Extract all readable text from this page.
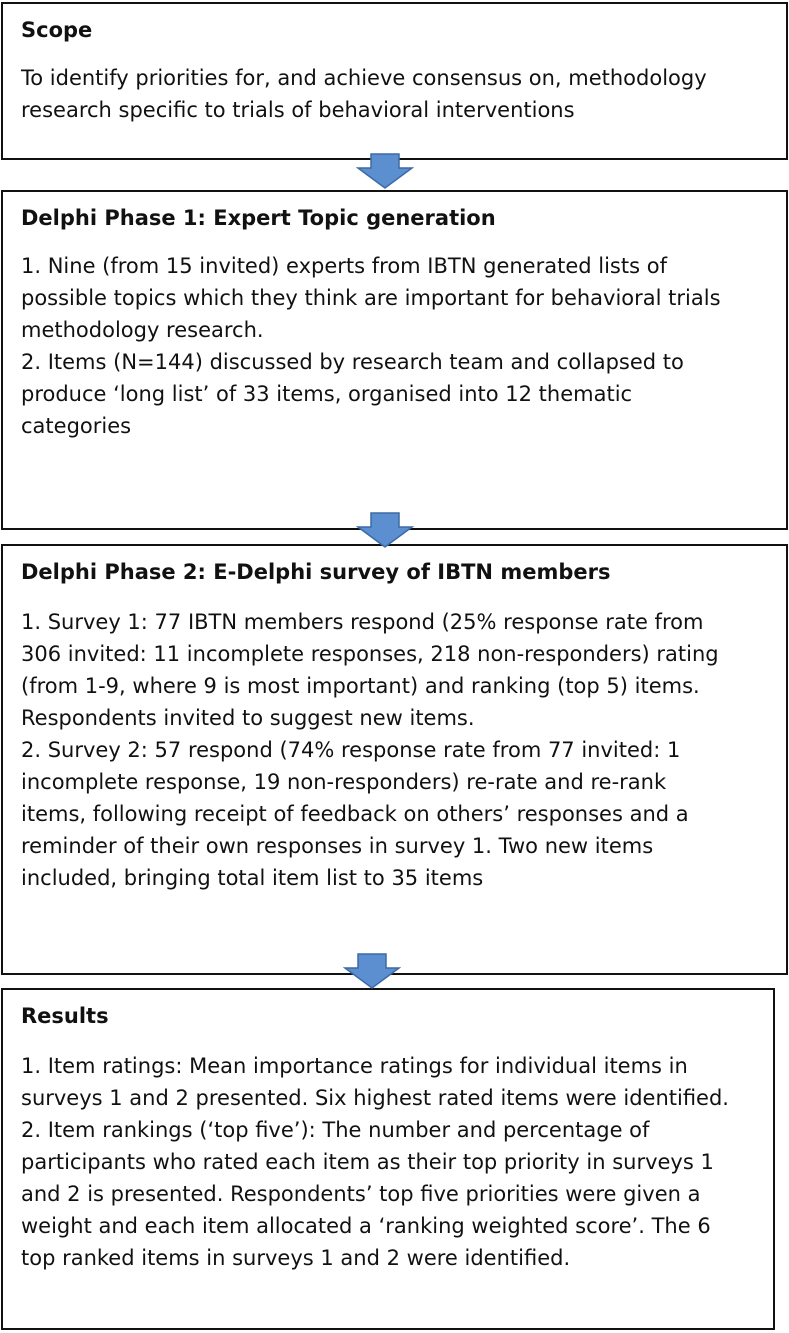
Scope
To identify priorities for, and achieve consensus on, methodology
research specific to trials of behavioral interventions
Delphi Phase 1: Expert Topic generation
1. Nine (from 15 invited) experts from IBTN generated lists of
possible topics which they think are important for behavioral trials
methodology research.
2. Items (N=144) discussed by research team and collapsed to
produce ‘long list’ of 33 items, organised into 12 thematic
categories
Delphi Phase 2: E-Delphi survey of IBTN members
1. Survey 1: 77 IBTN members respond (25% response rate from
306 invited: 11 incomplete responses, 218 non-responders) rating
(from 1-9, where 9 is most important) and ranking (top 5) items.
Respondents invited to suggest new items.
2. Survey 2: 57 respond (74% response rate from 77 invited: 1
incomplete response, 19 non-responders) re-rate and re-rank
items, following receipt of feedback on others’ responses and a
reminder of their own responses in survey 1. Two new items
included, bringing total item list to 35 items
Results
1. Item ratings: Mean importance ratings for individual items in
surveys 1 and 2 presented. Six highest rated items were identified.
2. Item rankings (‘top five’): The number and percentage of
participants who rated each item as their top priority in surveys 1
and 2 is presented. Respondents’ top five priorities were given a
weight and each item allocated a ‘ranking weighted score’. The 6
top ranked items in surveys 1 and 2 were identified.
